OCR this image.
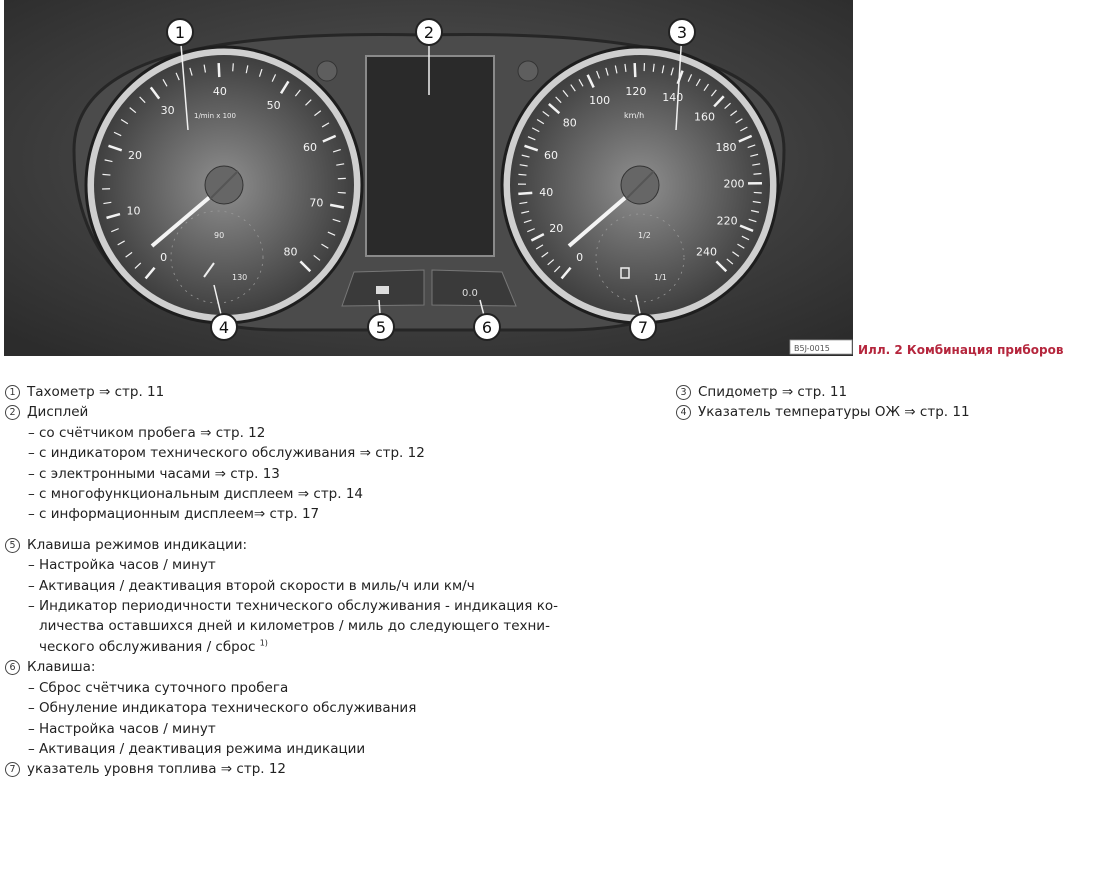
0.0
0
10
20
30
40
50
60
70
80
1/min x 100
90
130
0
20
40
60
80
100
120 140
160
180
200
220
240
km/h
1/2
1/1
1	2	3
4	5	6	7
B5J-0015 Илл. 2 Комбинация приборов
1 Тахометр ⇒ стр. 11
2 Дисплей
– со счётчиком пробега ⇒ стр. 12
– с индикатором технического обслуживания ⇒ стр. 12
– с электронными часами ⇒ стр. 13
– с многофункциональным дисплеем ⇒ стр. 14
– с информационным дисплеем⇒ стр. 17
5 Клавиша режимов индикации:
– Настройка часов / минут
– Активация / деактивация второй скорости в миль/ч или км/ч
– Индикатор периодичности технического обслуживания - индикация ко-
личества оставшихся дней и километров / миль до следующего техни-
ческого обслуживания / сброс $^{1)}$
6 Клавиша:
– Сброс счётчика суточного пробега
– Обнуление индикатора технического обслуживания
– Настройка часов / минут
– Активация / деактивация режима индикации
7 указатель уровня топлива ⇒ стр. 12
3 Спидометр ⇒ стр. 11
4 Указатель температуры ОЖ ⇒ стр. 11
